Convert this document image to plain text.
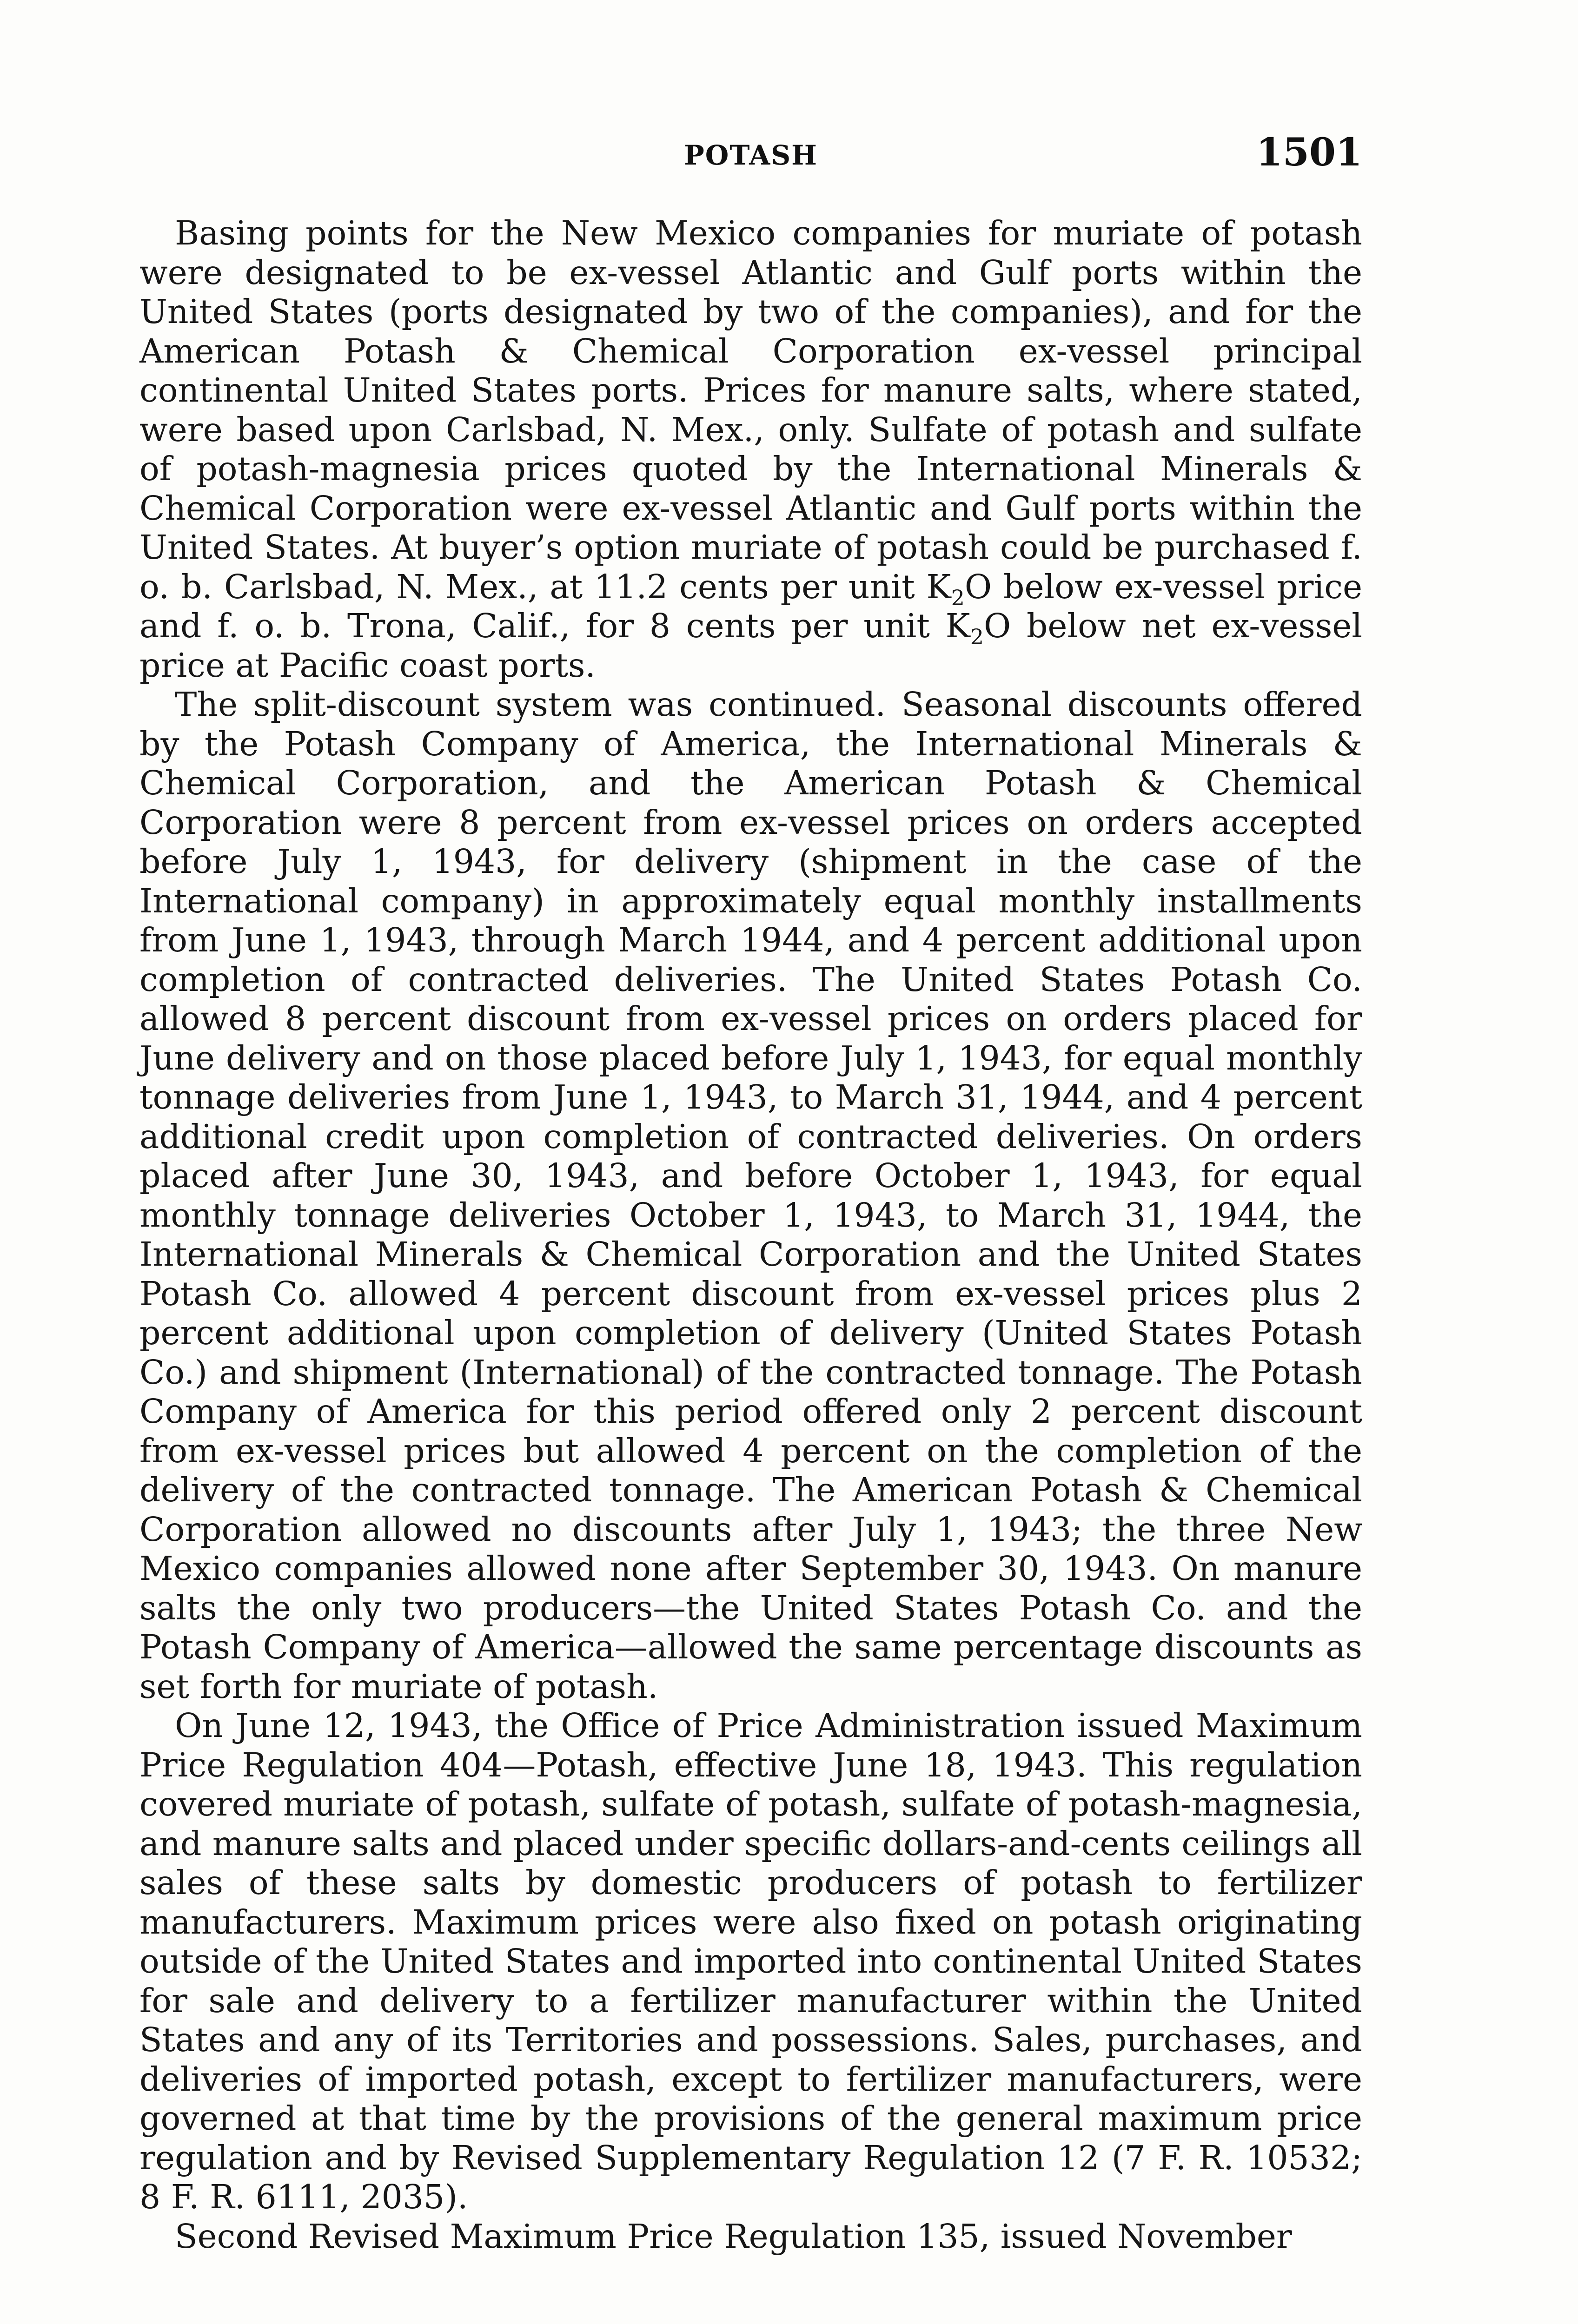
POTASH	1501

Basing points for the New Mexico companies for muriate of potash were designated to be ex-vessel Atlantic and Gulf ports within the United States (ports designated by two of the companies), and for the American Potash & Chemical Corporation ex-vessel principal continental United States ports. Prices for manure salts, where stated, were based upon Carlsbad, N. Mex., only. Sulfate of potash and sulfate of potash-magnesia prices quoted by the International Minerals & Chemical Corporation were ex-vessel Atlantic and Gulf ports within the United States. At buyer’s option muriate of potash could be purchased f. o. b. Carlsbad, N. Mex., at 11.2 cents per unit $K_2O$ below ex-vessel price and f. o. b. Trona, Calif., for 8 cents per unit $K_2O$ below net ex-vessel price at Pacific coast ports.

The split-discount system was continued. Seasonal discounts offered by the Potash Company of America, the International Minerals & Chemical Corporation, and the American Potash & Chemical Corporation were 8 percent from ex-vessel prices on orders accepted before July 1, 1943, for delivery (shipment in the case of the International company) in approximately equal monthly installments from June 1, 1943, through March 1944, and 4 percent additional upon completion of contracted deliveries. The United States Potash Co. allowed 8 percent discount from ex-vessel prices on orders placed for June delivery and on those placed before July 1, 1943, for equal monthly tonnage deliveries from June 1, 1943, to March 31, 1944, and 4 percent additional credit upon completion of contracted deliveries. On orders placed after June 30, 1943, and before October 1, 1943, for equal monthly tonnage deliveries October 1, 1943, to March 31, 1944, the International Minerals & Chemical Corporation and the United States Potash Co. allowed 4 percent discount from ex-vessel prices plus 2 percent additional upon completion of delivery (United States Potash Co.) and shipment (International) of the contracted tonnage. The Potash Company of America for this period offered only 2 percent discount from ex-vessel prices but allowed 4 percent on the completion of the delivery of the contracted tonnage. The American Potash & Chemical Corporation allowed no discounts after July 1, 1943; the three New Mexico companies allowed none after September 30, 1943. On manure salts the only two producers—the United States Potash Co. and the Potash Company of America—allowed the same percentage discounts as set forth for muriate of potash.

On June 12, 1943, the Office of Price Administration issued Maximum Price Regulation 404—Potash, effective June 18, 1943. This regulation covered muriate of potash, sulfate of potash, sulfate of potash-magnesia, and manure salts and placed under specific dollars-and-cents ceilings all sales of these salts by domestic producers of potash to fertilizer manufacturers. Maximum prices were also fixed on potash originating outside of the United States and imported into continental United States for sale and delivery to a fertilizer manufacturer within the United States and any of its Territories and possessions. Sales, purchases, and deliveries of imported potash, except to fertilizer manufacturers, were governed at that time by the provisions of the general maximum price regulation and by Revised Supplementary Regulation 12 (7 F. R. 10532; 8 F. R. 6111, 2035).

Second Revised Maximum Price Regulation 135, issued November
